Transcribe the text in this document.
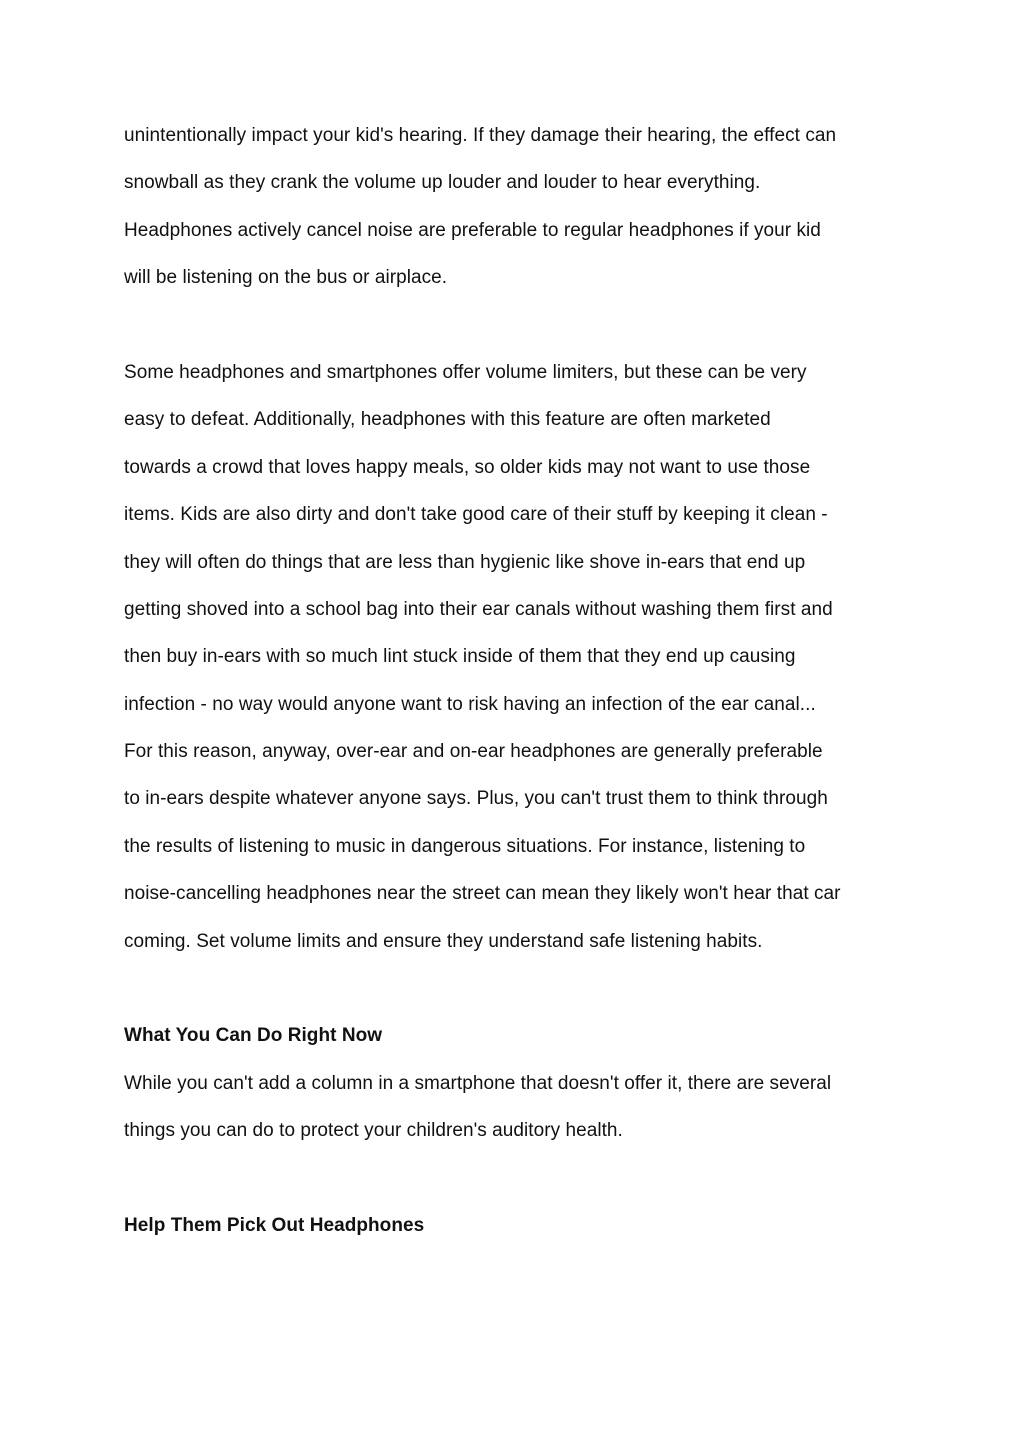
unintentionally impact your kid's hearing. If they damage their hearing, the effect can
snowball as they crank the volume up louder and louder to hear everything.
Headphones actively cancel noise are preferable to regular headphones if your kid
will be listening on the bus or airplace.
Some headphones and smartphones offer volume limiters, but these can be very
easy to defeat. Additionally, headphones with this feature are often marketed
towards a crowd that loves happy meals, so older kids may not want to use those
items. Kids are also dirty and don't take good care of their stuff by keeping it clean -
they will often do things that are less than hygienic like shove in-ears that end up
getting shoved into a school bag into their ear canals without washing them first and
then buy in-ears with so much lint stuck inside of them that they end up causing
infection - no way would anyone want to risk having an infection of the ear canal...
For this reason, anyway, over-ear and on-ear headphones are generally preferable
to in-ears despite whatever anyone says. Plus, you can't trust them to think through
the results of listening to music in dangerous situations. For instance, listening to
noise-cancelling headphones near the street can mean they likely won't hear that car
coming. Set volume limits and ensure they understand safe listening habits.
What You Can Do Right Now
While you can't add a column in a smartphone that doesn't offer it, there are several
things you can do to protect your children's auditory health.
Help Them Pick Out Headphones
